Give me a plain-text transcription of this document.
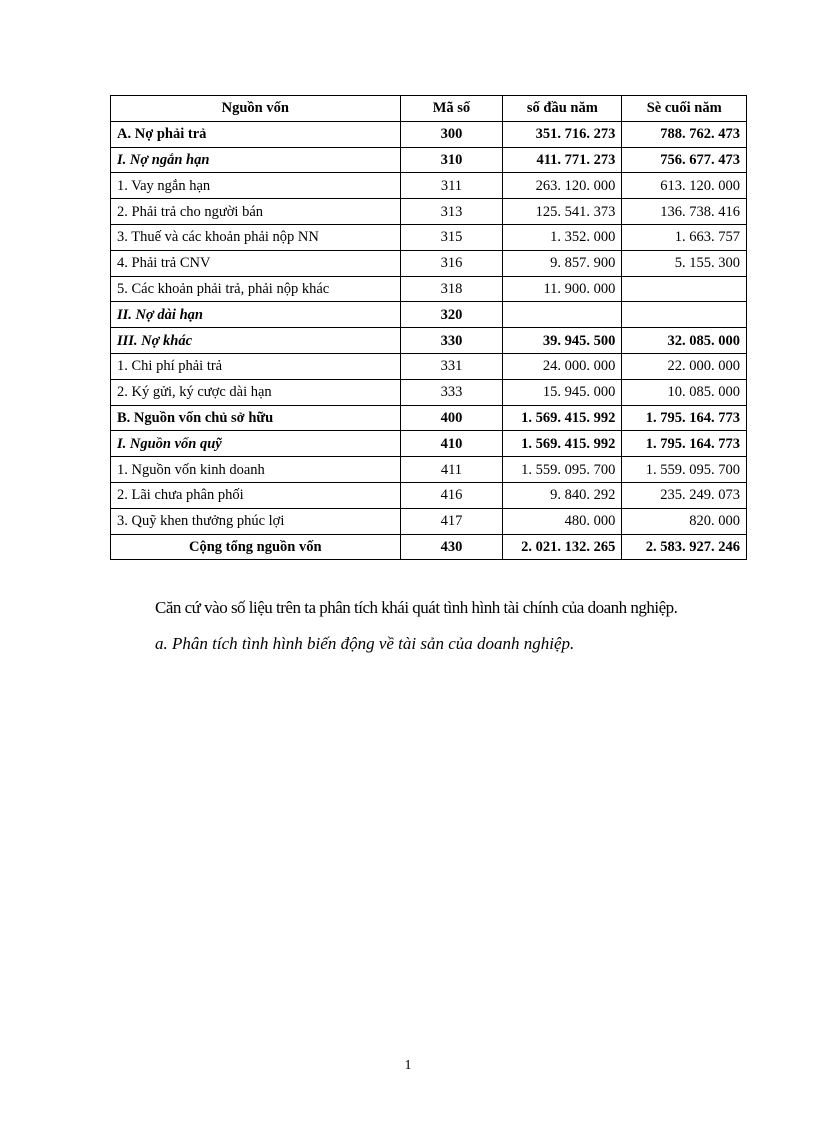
Nguồn vốn	Mã số	số đầu năm	Sè cuối năm
A. Nợ phải trả	300	351. 716. 273	788. 762. 473
I. Nợ ngắn hạn	310	411. 771. 273	756. 677. 473
1. Vay ngắn hạn	311	263. 120. 000	613. 120. 000
2. Phải trả cho người bán	313	125. 541. 373	136. 738. 416
3. Thuế và các khoản phải nộp NN	315	1. 352. 000	1. 663. 757
4. Phải trả CNV	316	9. 857. 900	5. 155. 300
5. Các khoản phải trả, phải nộp khác	318	11. 900. 000	
II. Nợ dài hạn	320		
III. Nợ khác	330	39. 945. 500	32. 085. 000
1. Chi phí phải trả	331	24. 000. 000	22. 000. 000
2. Ký gửi, ký cược dài hạn	333	15. 945. 000	10. 085. 000
B. Nguồn vốn chủ sở hữu	400	1. 569. 415. 992	1. 795. 164. 773
I. Nguồn vốn quỹ	410	1. 569. 415. 992	1. 795. 164. 773
1. Nguồn vốn kinh doanh	411	1. 559. 095. 700	1. 559. 095. 700
2. Lãi chưa phân phối	416	9. 840. 292	235. 249. 073
3. Quỹ khen thưởng phúc lợi	417	480. 000	820. 000
Cộng tổng nguồn vốn	430	2. 021. 132. 265	2. 583. 927. 246

Căn cứ vào số liệu trên ta phân tích khái quát tình hình tài chính của doanh nghiệp.

a. Phân tích tình hình biến động về tài sản của doanh nghiệp.

1
